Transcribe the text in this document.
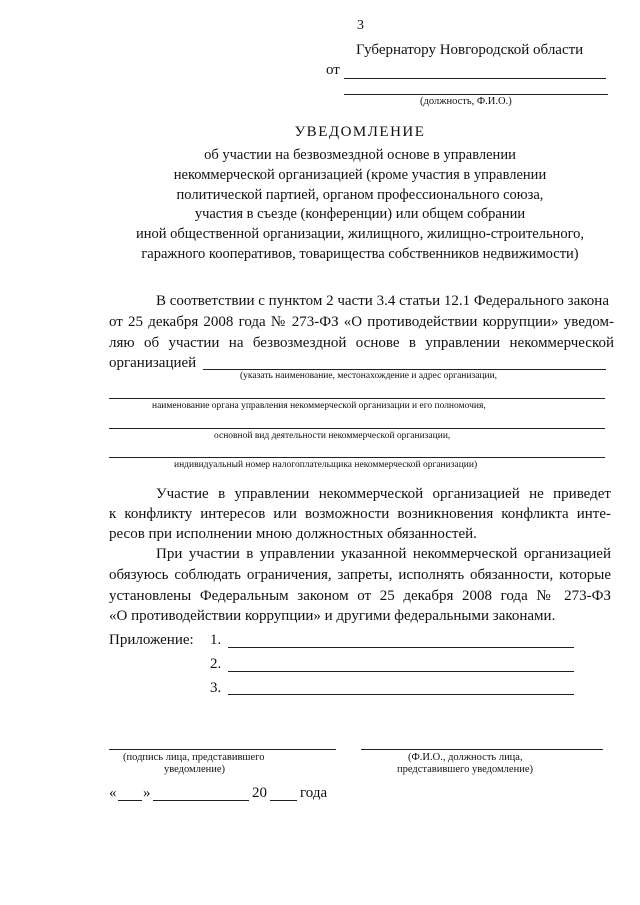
3
Губернатору Новгородской области
от
(должность, Ф.И.О.)
УВЕДОМЛЕНИЕ
об участии на безвозмездной основе в управлении
некоммерческой организацией (кроме участия в управлении
политической партией, органом профессионального союза,
участия в съезде (конференции) или общем собрании
иной общественной организации, жилищного, жилищно-строительного,
гаражного кооперативов, товарищества собственников недвижимости)
В соответствии с пунктом 2 части 3.4 статьи 12.1 Федерального закона
от 25 декабря 2008 года № 273-ФЗ «О противодействии коррупции» уведом-
ляю об участии на безвозмездной основе в управлении некоммерческой
организацией
(указать наименование, местонахождение и адрес организации,
наименование органа управления некоммерческой организации и его полномочия,
основной вид деятельности некоммерческой организации,
индивидуальный номер налогоплательщика некоммерческой организации)
Участие в управлении некоммерческой организацией не приведет
к конфликту интересов или возможности возникновения конфликта инте-
ресов при исполнении мною должностных обязанностей.
При участии в управлении указанной некоммерческой организацией
обязуюсь соблюдать ограничения, запреты, исполнять обязанности, которые
установлены Федеральным законом от 25 декабря 2008 года № 273-ФЗ
«О противодействии коррупции» и другими федеральными законами.
Приложение: 1.
2.
3.
(подпись лица, представившего
уведомление)
(Ф.И.О., должность лица,
представившего уведомление)
« »	20 года
